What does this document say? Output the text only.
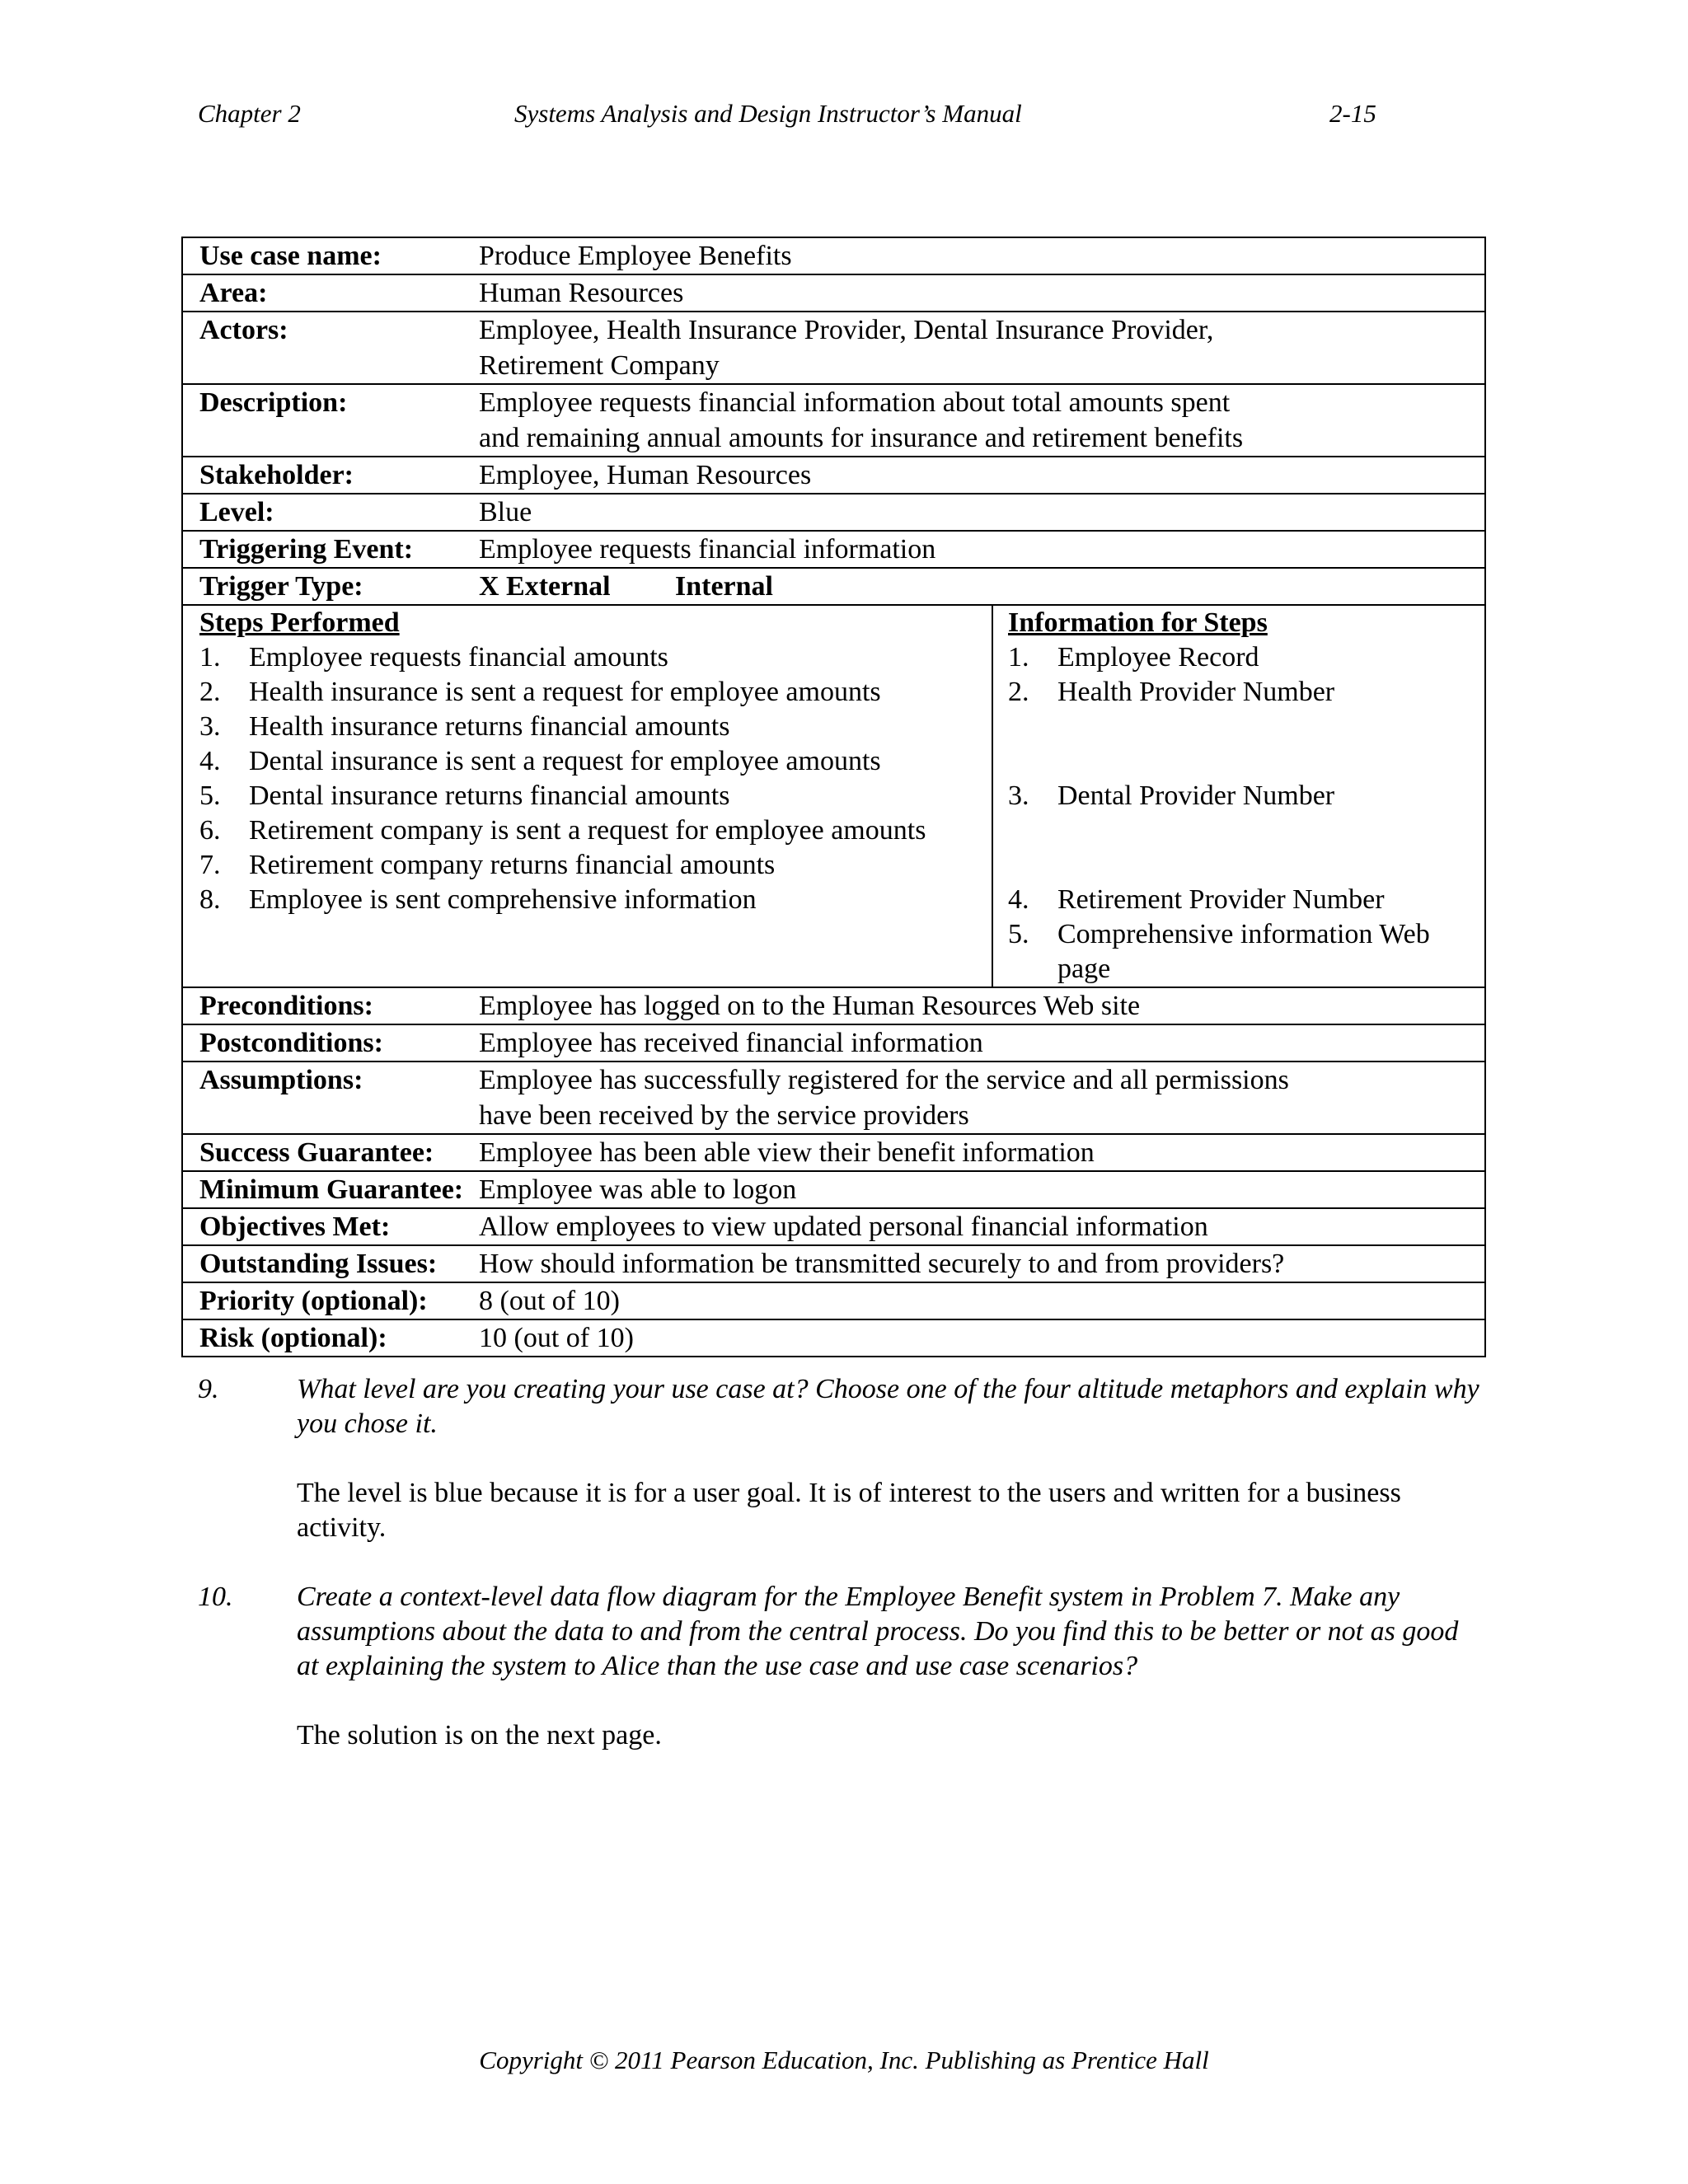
Chapter 2	Systems Analysis and Design Instructor’s Manual	2-15
Use case name:	Produce Employee Benefits
Area:	Human Resources
Actors:	Employee, Health Insurance Provider, Dental Insurance Provider,
Retirement Company
Description:	Employee requests financial information about total amounts spent
and remaining annual amounts for insurance and retirement benefits
Stakeholder:	Employee, Human Resources
Level:	Blue
Triggering Event:	Employee requests financial information
Trigger Type:	X External	Internal
Steps Performed
1.	Employee requests financial amounts
2.	Health insurance is sent a request for employee amounts
3.	Health insurance returns financial amounts
4.	Dental insurance is sent a request for employee amounts
5.	Dental insurance returns financial amounts
6.	Retirement company is sent a request for employee amounts
7.	Retirement company returns financial amounts
8.	Employee is sent comprehensive information
Information for Steps
1.	Employee Record
2.	Health Provider Number
3.	Dental Provider Number
4.	Retirement Provider Number
5.	Comprehensive information Web page
Preconditions:	Employee has logged on to the Human Resources Web site
Postconditions:	Employee has received financial information
Assumptions:	Employee has successfully registered for the service and all permissions
have been received by the service providers
Success Guarantee:	Employee has been able view their benefit information
Minimum Guarantee: Employee was able to logon
Objectives Met:	Allow employees to view updated personal financial information
Outstanding Issues:	How should information be transmitted securely to and from providers?
Priority (optional):	8 (out of 10)
Risk (optional):	10 (out of 10)
9.	What level are you creating your use case at? Choose one of the four altitude metaphors and explain why you chose it.
The level is blue because it is for a user goal. It is of interest to the users and written for a business activity.
10. Create a context-level data flow diagram for the Employee Benefit system in Problem 7. Make any assumptions about the data to and from the central process. Do you find this to be better or not as good at explaining the system to Alice than the use case and use case scenarios?
The solution is on the next page.
Copyright © 2011 Pearson Education, Inc. Publishing as Prentice Hall
